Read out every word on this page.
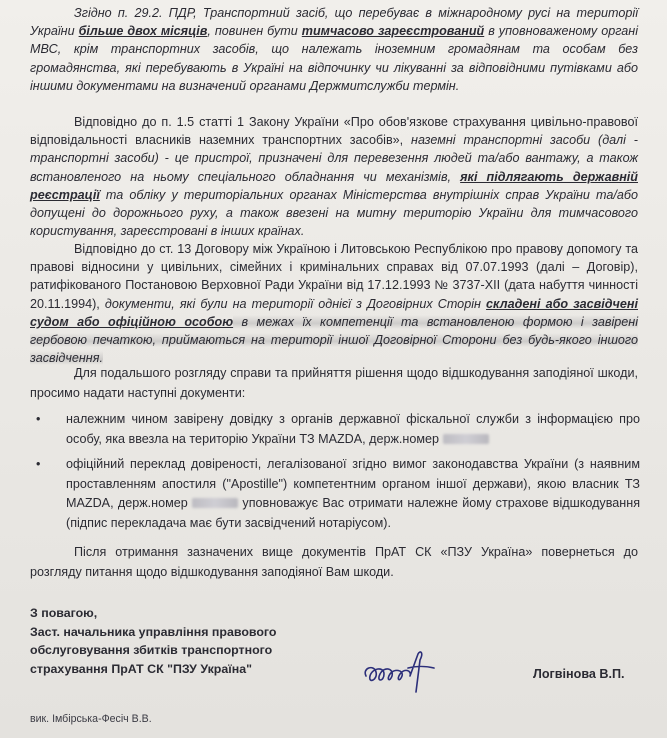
Згідно п. 29.2. ПДР, Транспортний засіб, що перебуває в міжнародному русі на території України більше двох місяців, повинен бути тимчасово зареєстрований в уповноваженому органі МВС, крім транспортних засобів, що належать іноземним громадянам та особам без громадянства, які перебувають в Україні на відпочинку чи лікуванні за відповідними путівками або іншими документами на визначений органами Держмитслужби термін.

Відповідно до п. 1.5 статті 1 Закону України «Про обов'язкове страхування цивільно-правової відповідальності власників наземних транспортних засобів», наземні транспортні засоби (далі - транспортні засоби) - це пристрої, призначені для перевезення людей та/або вантажу, а також встановленого на ньому спеціального обладнання чи механізмів, які підлягають державній реєстрації та обліку у територіальних органах Міністерства внутрішніх справ України та/або допущені до дорожнього руху, а також ввезені на митну територію України для тимчасового користування, зареєстровані в інших країнах.

Відповідно до ст. 13 Договору між Україною і Литовською Республікою про правову допомогу та правові відносини у цивільних, сімейних і кримінальних справах від 07.07.1993 (далі – Договір), ратифікованого Постановою Верховної Ради України від 17.12.1993 № 3737-XII (дата набуття чинності 20.11.1994), документи, які були на території однієї з Договірних Сторін складені або засвідчені судом або офіційною особою в межах їх компетенції та встановленою формою і завірені гербовою печаткою, приймаються на території іншої Договірної Сторони без будь-якого іншого засвідчення.

Для подальшого розгляду справи та прийняття рішення щодо відшкодування заподіяної шкоди, просимо надати наступні документи:

• належним чином завірену довідку з органів державної фіскальної служби з інформацією про особу, яка ввезла на територію України ТЗ MAZDA, держ.номер
• офіційний переклад довіреності, легалізованої згідно вимог законодавства України (з наявним проставленням апостиля ("Apostille") компетентним органом іншої держави), якою власник ТЗ MAZDA, держ.номер	уповноважує Вас отримати належне йому страхове відшкодування (підпис перекладача має бути засвідчений нотаріусом).

Після отримання зазначених вище документів ПрАТ СК «ПЗУ Україна» повернеться до розгляду питання щодо відшкодування заподіяної Вам шкоди.

З повагою,
Заст. начальника управління правового
обслуговування збитків транспортного
страхування ПрАТ СК "ПЗУ Україна"	Логвінова В.П.
вик. Імбірська-Фесіч В.В.
